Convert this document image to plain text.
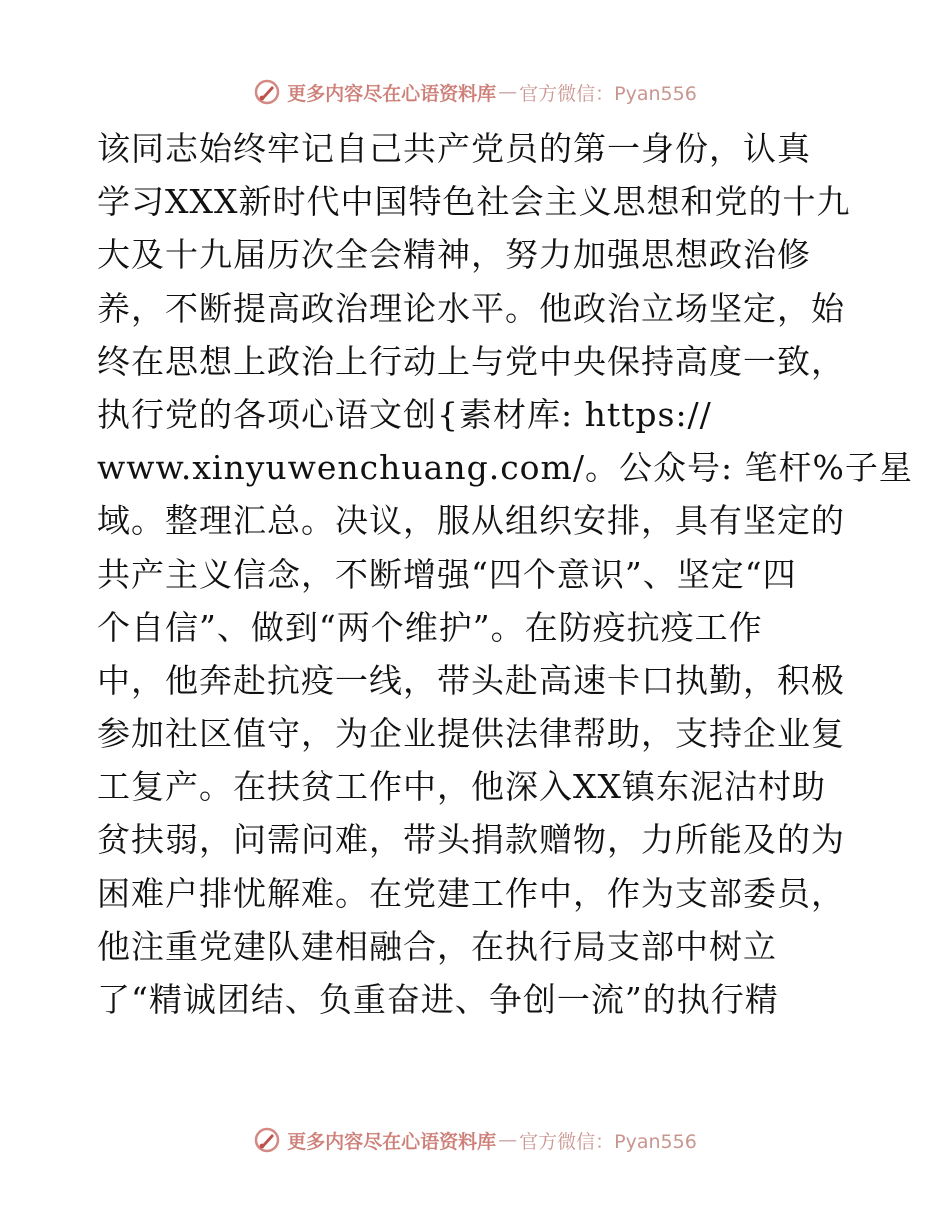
更多内容尽在心语资料库 — 官方微信：Pyan556
该同志始终牢记自己共产党员的第一身份，认真
学习XXX新时代中国特色社会主义思想和党的十九
大及十九届历次全会精神，努力加强思想政治修
养，不断提高政治理论水平。他政治立场坚定，始
终在思想上政治上行动上与党中央保持高度一致，
执行党的各项心语文创{素材库: https://
www.xinyuwenchuang.com/。公众号: 笔杆%子星
域。整理汇总。决议，服从组织安排，具有坚定的
共产主义信念，不断增强“四个意识”、坚定“四
个自信”、做到“两个维护”。在防疫抗疫工作
中，他奔赴抗疫一线，带头赴高速卡口执勤，积极
参加社区值守，为企业提供法律帮助，支持企业复
工复产。在扶贫工作中，他深入XX镇东泥沽村助
贫扶弱，问需问难，带头捐款赠物，力所能及的为
困难户排忧解难。在党建工作中，作为支部委员，
他注重党建队建相融合，在执行局支部中树立
了“精诚团结、负重奋进、争创一流”的执行精
更多内容尽在心语资料库 — 官方微信：Pyan556
